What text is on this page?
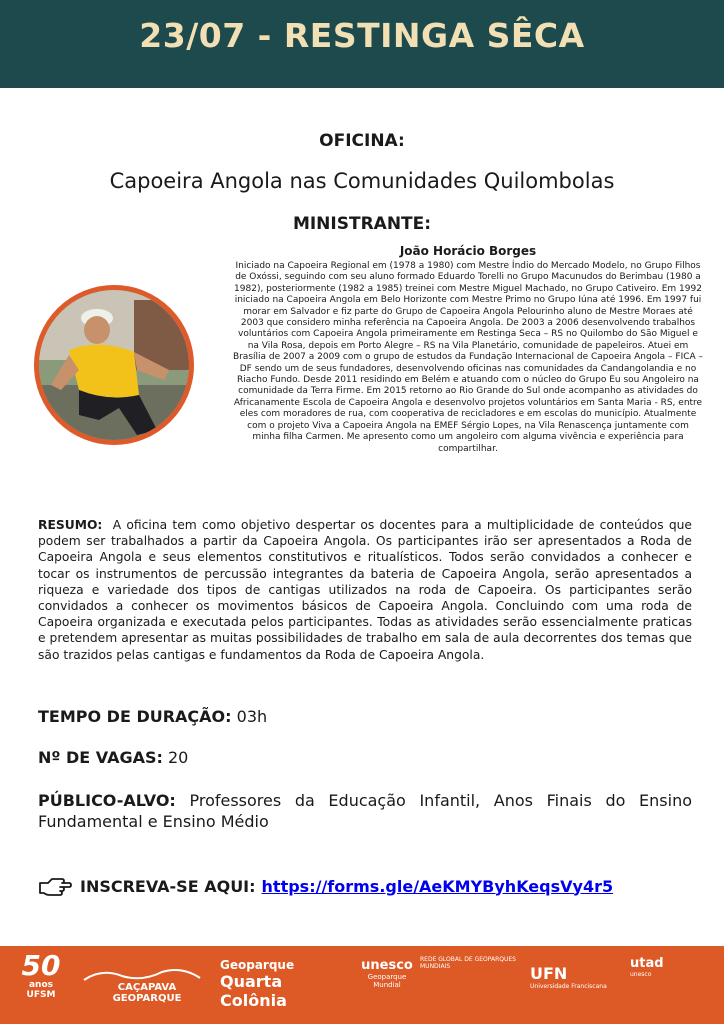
23/07 - RESTINGA SÊCA
OFICINA:
Capoeira Angola nas Comunidades Quilombolas
MINISTRANTE:
João Horácio Borges
Iniciado na Capoeira Regional em (1978 a 1980) com Mestre Índio do Mercado Modelo, no Grupo Filhos de Oxóssi, seguindo com seu aluno formado Eduardo Torelli no Grupo Macunudos do Berimbau (1980 a 1982), posteriormente (1982 a 1985) treinei com Mestre Miguel Machado, no Grupo Cativeiro. Em 1992 iniciado na Capoeira Angola em Belo Horizonte com Mestre Primo no Grupo Iúna até 1996. Em 1997 fui morar em Salvador e fiz parte do Grupo de Capoeira Angola Pelourinho aluno de Mestre Moraes até 2003 que considero minha referência na Capoeira Angola. De 2003 a 2006 desenvolvendo trabalhos voluntários com Capoeira Angola primeiramente em Restinga Seca – RS no Quilombo do São Miguel e na Vila Rosa, depois em Porto Alegre – RS na Vila Planetário, comunidade de papeleiros. Atuei em Brasília de 2007 a 2009 com o grupo de estudos da Fundação Internacional de Capoeira Angola – FICA – DF sendo um de seus fundadores, desenvolvendo oficinas nas comunidades da Candangolandia e no Riacho Fundo. Desde 2011 residindo em Belém e atuando com o núcleo do Grupo Eu sou Angoleiro na comunidade da Terra Firme. Em 2015 retorno ao Rio Grande do Sul onde acompanho as atividades do Africanamente Escola de Capoeira Angola e desenvolvo projetos voluntários em Santa Maria - RS, entre eles com moradores de rua, com cooperativa de recicladores e em escolas do município. Atualmente com o projeto Viva a Capoeira Angola na EMEF Sérgio Lopes, na Vila Renascença juntamente com minha filha Carmen. Me apresento como um angoleiro com alguma vivência e experiência para compartilhar.
RESUMO: A oficina tem como objetivo despertar os docentes para a multiplicidade de conteúdos que podem ser trabalhados a partir da Capoeira Angola. Os participantes irão ser apresentados a Roda de Capoeira Angola e seus elementos constitutivos e ritualísticos. Todos serão convidados a conhecer e tocar os instrumentos de percussão integrantes da bateria de Capoeira Angola, serão apresentados a riqueza e variedade dos tipos de cantigas utilizados na roda de Capoeira. Os participantes serão convidados a conhecer os movimentos básicos de Capoeira Angola. Concluindo com uma roda de Capoeira organizada e executada pelos participantes. Todas as atividades serão essencialmente praticas e pretendem apresentar as muitas possibilidades de trabalho em sala de aula decorrentes dos temas que são trazidos pelas cantigas e fundamentos da Roda de Capoeira Angola.
TEMPO DE DURAÇÃO: 03h
Nº DE VAGAS: 20
PÚBLICO-ALVO: Professores da Educação Infantil, Anos Finais do Ensino Fundamental e Ensino Médio
INSCREVA-SE AQUI: https://forms.gle/AeKMYByhKeqsVy4r5
50
anos
UFSM
CAÇAPAVA GEOPARQUE
Geoparque
Quarta Colônia
unesco
Geoparque Mundial
REDE GLOBAL DE GEOPARQUES MUNDIAIS	UFN
Universidade Franciscana
utad
unesco
